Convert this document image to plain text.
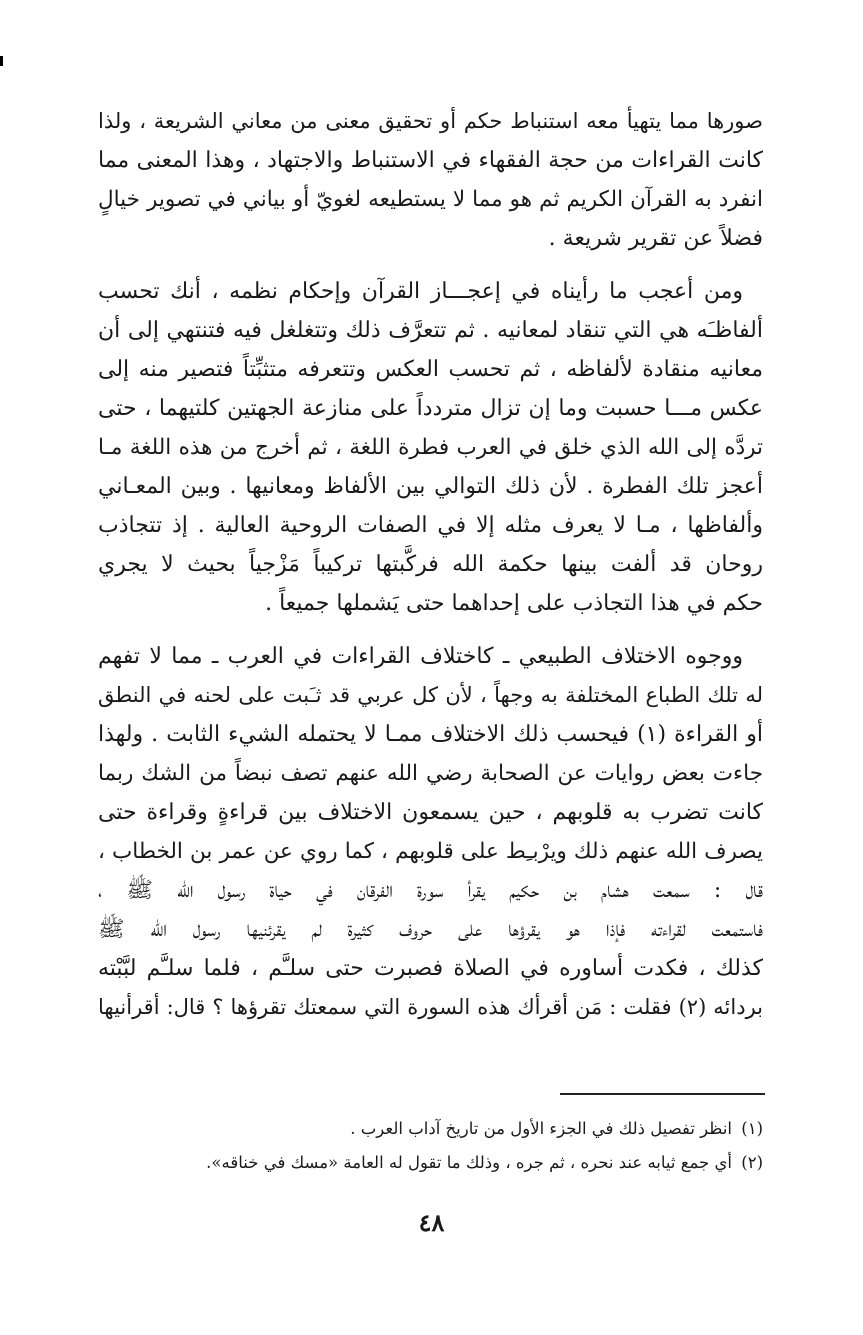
صورها مما يتهيأ معه استنباط حكم أو تحقيق معنى من معاني الشريعة ، ولذا
كانت القراءات من حجة الفقهاء في الاستنباط والاجتهاد ، وهذا المعنى مما
انفرد به القرآن الكريم ثم هو مما لا يستطيعه لغويّ أو بياني في تصوير خيالٍ
فضلاً عن تقرير شريعة .

ومن أعجب ما رأيناه في إعجـــاز القرآن وإحكام نظمه ، أنك تحسب
ألفاظـَه هي التي تنقاد لمعانيه . ثم تتعرَّف ذلك وتتغلغل فيه فتنتهي إلى أن
معانيه منقادة لألفاظه ، ثم تحسب العكس وتتعرفه متثبِّتاً فتصير منه إلى
عكس مـــا حسبت وما إن تزال متردداً على منازعة الجهتين كلتيهما ، حتى
تردَّه إلى الله الذي خلق في العرب فطرة اللغة ، ثم أخرج من هذه اللغة مـا
أعجز تلك الفطرة . لأن ذلك التوالي بين الألفاظ ومعانيها . وبين المعـاني
وألفاظها ، مـا لا يعرف مثله إلا في الصفات الروحية العالية . إذ تتجاذب
روحان قد ألفت بينها حكمة الله فركَّبتها تركيباً مَزْجياً بحيث لا يجري
حكم في هذا التجاذب على إحداهما حتى يَشملها جميعاً .

ووجوه الاختلاف الطبيعي ـ كاختلاف القراءات في العرب ـ مما لا تفهم
له تلك الطباع المختلفة به وجهاً ، لأن كل عربي قد ثـَبت على لحنه في النطق
أو القراءة (١) فيحسب ذلك الاختلاف ممـا لا يحتمله الشيء الثابت . ولهذا
جاءت بعض روايات عن الصحابة رضي الله عنهم تصف نبضاً من الشك ربما
كانت تضرب به قلوبهم ، حين يسمعون الاختلاف بين قراءةٍ وقراءة حتى
يصرف الله عنهم ذلك ويرْبـِط على قلوبهم ، كما روي عن عمر بن الخطاب ،
قال : سمعت هشام بن حكيم يقرأ سورة الفرقان في حياة رسول الله ﷺ ،
فاستمعت لقراءته فإذا هو يقرؤها على حروف كثيرة لم يقرئنيها رسول الله ﷺ
كذلك ، فكدت أساوره في الصلاة فصبرت حتى سلـَّم ، فلما سلـَّم لبَّبْته
بردائه (٢) فقلت : مَن أقرأك هذه السورة التي سمعتك تقرؤها ؟ قال: أقرأنيها

(١) انظر تفصيل ذلك في الجزء الأول من تاريخ آداب العرب .
(٢) أي جمع ثيابه عند نحره ، ثم جره ، وذلك ما تقول له العامة «مسك في خناقه».
٤٨
